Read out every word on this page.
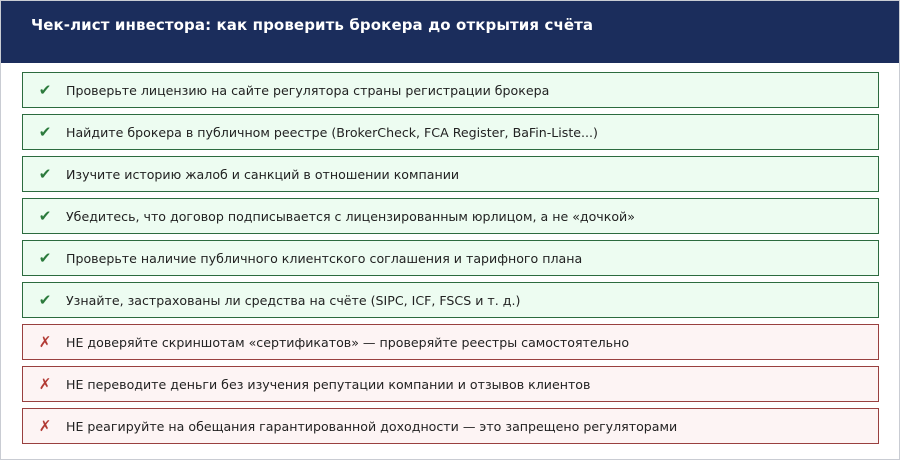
Чек-лист инвестора: как проверить брокера до открытия счёта
✔	Проверьте лицензию на сайте регулятора страны регистрации брокера
✔	Найдите брокера в публичном реестре (BrokerCheck, FCA Register, BaFin-Liste...)
✔	Изучите историю жалоб и санкций в отношении компании
✔	Убедитесь, что договор подписывается с лицензированным юрлицом, а не «дочкой»
✔	Проверьте наличие публичного клиентского соглашения и тарифного плана
✔	Узнайте, застрахованы ли средства на счёте (SIPC, ICF, FSCS и т. д.)
✗	НЕ доверяйте скриншотам «сертификатов» — проверяйте реестры самостоятельно
✗	НЕ переводите деньги без изучения репутации компании и отзывов клиентов
✗	НЕ реагируйте на обещания гарантированной доходности — это запрещено регуляторами
